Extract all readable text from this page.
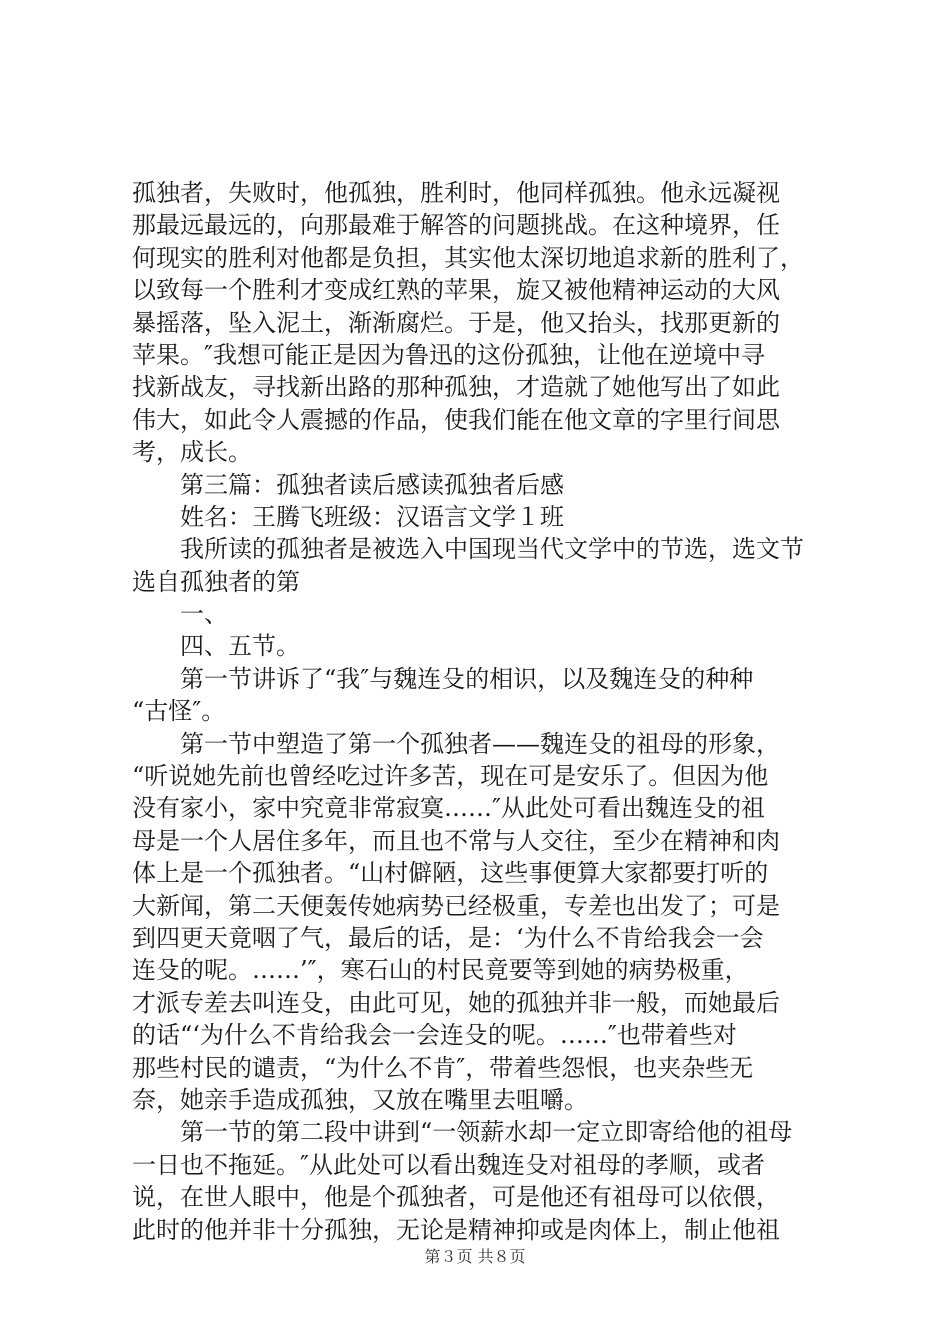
孤独者，失败时，他孤独，胜利时，他同样孤独。他永远凝视
那最远最远的，向那最难于解答的问题挑战。在这种境界，任
何现实的胜利对他都是负担，其实他太深切地追求新的胜利了，
以致每一个胜利才变成红熟的苹果，旋又被他精神运动的大风
暴摇落，坠入泥土，渐渐腐烂。于是，他又抬头，找那更新的
苹果。″我想可能正是因为鲁迅的这份孤独，让他在逆境中寻
找新战友，寻找新出路的那种孤独，才造就了她他写出了如此
伟大，如此令人震撼的作品，使我们能在他文章的字里行间思
考，成长。
第三篇：孤独者读后感读孤独者后感
姓名：王腾飞班级：汉语言文学１班
我所读的孤独者是被选入中国现当代文学中的节选，选文节
选自孤独者的第
一、
四、五节。
第一节讲诉了“我″与魏连殳的相识，以及魏连殳的种种
“古怪″。
第一节中塑造了第一个孤独者——魏连殳的祖母的形象，
“听说她先前也曾经吃过许多苦，现在可是安乐了。但因为他
没有家小，家中究竟非常寂寞……″从此处可看出魏连殳的祖
母是一个人居住多年，而且也不常与人交往，至少在精神和肉
体上是一个孤独者。“山村僻陋，这些事便算大家都要打听的
大新闻，第二天便轰传她病势已经极重，专差也出发了；可是
到四更天竟咽了气，最后的话，是：‘为什么不肯给我会一会
连殳的呢。……’″，寒石山的村民竟要等到她的病势极重，
才派专差去叫连殳，由此可见，她的孤独并非一般，而她最后
的话“‘为什么不肯给我会一会连殳的呢。……″也带着些对
那些村民的谴责，“为什么不肯″，带着些怨恨，也夹杂些无
奈，她亲手造成孤独，又放在嘴里去咀嚼。
第一节的第二段中讲到“一领薪水却一定立即寄给他的祖母
一日也不拖延。″从此处可以看出魏连殳对祖母的孝顺，或者
说，在世人眼中，他是个孤独者，可是他还有祖母可以依偎，
此时的他并非十分孤独，无论是精神抑或是肉体上，制止他祖
第３页 共８页
